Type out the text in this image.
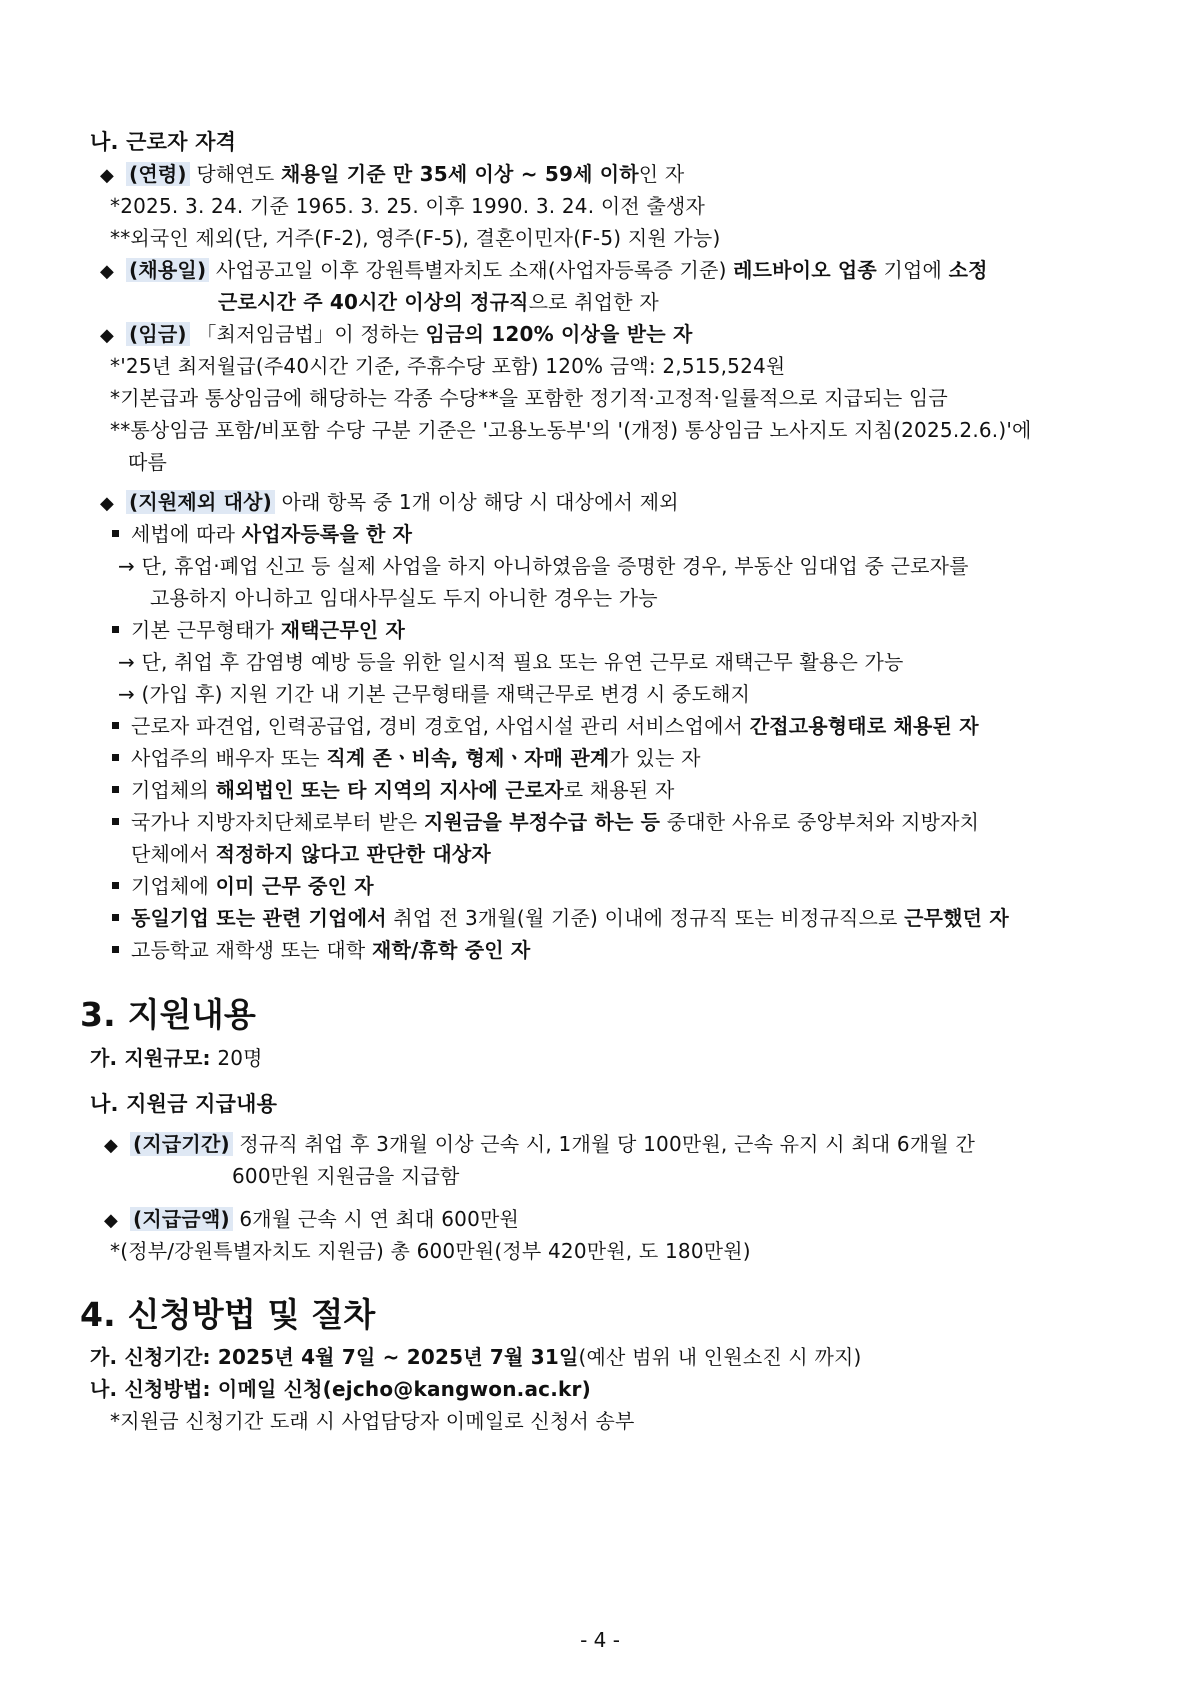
나. 근로자 자격
◆ (연령) 당해연도 채용일 기준 만 35세 이상 ~ 59세 이하인 자
*2025. 3. 24. 기준 1965. 3. 25. 이후 1990. 3. 24. 이전 출생자
**외국인 제외(단, 거주(F-2), 영주(F-5), 결혼이민자(F-5) 지원 가능)
◆ (채용일) 사업공고일 이후 강원특별자치도 소재(사업자등록증 기준) 레드바이오 업종 기업에 소정
근로시간 주 40시간 이상의 정규직으로 취업한 자
◆ (임금) 「최저임금법」이 정하는 임금의 120% 이상을 받는 자
*'25년 최저월급(주40시간 기준, 주휴수당 포함) 120% 금액: 2,515,524원
*기본급과 통상임금에 해당하는 각종 수당**을 포함한 정기적·고정적·일률적으로 지급되는 임금
**통상임금 포함/비포함 수당 구분 기준은 '고용노동부'의 '(개정) 통상임금 노사지도 지침(2025.2.6.)'에
따름
◆ (지원제외 대상) 아래 항목 중 1개 이상 해당 시 대상에서 제외
세법에 따라 사업자등록을 한 자
→ 단, 휴업·폐업 신고 등 실제 사업을 하지 아니하였음을 증명한 경우, 부동산 임대업 중 근로자를
고용하지 아니하고 임대사무실도 두지 아니한 경우는 가능
기본 근무형태가 재택근무인 자
→ 단, 취업 후 감염병 예방 등을 위한 일시적 필요 또는 유연 근무로 재택근무 활용은 가능
→ (가입 후) 지원 기간 내 기본 근무형태를 재택근무로 변경 시 중도해지
근로자 파견업, 인력공급업, 경비 경호업, 사업시설 관리 서비스업에서 간접고용형태로 채용된 자
사업주의 배우자 또는 직계 존ㆍ비속, 형제ㆍ자매 관계가 있는 자
기업체의 해외법인 또는 타 지역의 지사에 근로자로 채용된 자
국가나 지방자치단체로부터 받은 지원금을 부정수급 하는 등 중대한 사유로 중앙부처와 지방자치
단체에서 적정하지 않다고 판단한 대상자
기업체에 이미 근무 중인 자
동일기업 또는 관련 기업에서 취업 전 3개월(월 기준) 이내에 정규직 또는 비정규직으로 근무했던 자
고등학교 재학생 또는 대학 재학/휴학 중인 자
3. 지원내용
가. 지원규모: 20명
나. 지원금 지급내용
◆ (지급기간) 정규직 취업 후 3개월 이상 근속 시, 1개월 당 100만원, 근속 유지 시 최대 6개월 간
600만원 지원금을 지급함
◆ (지급금액) 6개월 근속 시 연 최대 600만원
*(정부/강원특별자치도 지원금) 총 600만원(정부 420만원, 도 180만원)
4. 신청방법 및 절차
가. 신청기간: 2025년 4월 7일 ~ 2025년 7월 31일(예산 범위 내 인원소진 시 까지)
나. 신청방법: 이메일 신청(ejcho@kangwon.ac.kr)
*지원금 신청기간 도래 시 사업담당자 이메일로 신청서 송부
- 4 -
